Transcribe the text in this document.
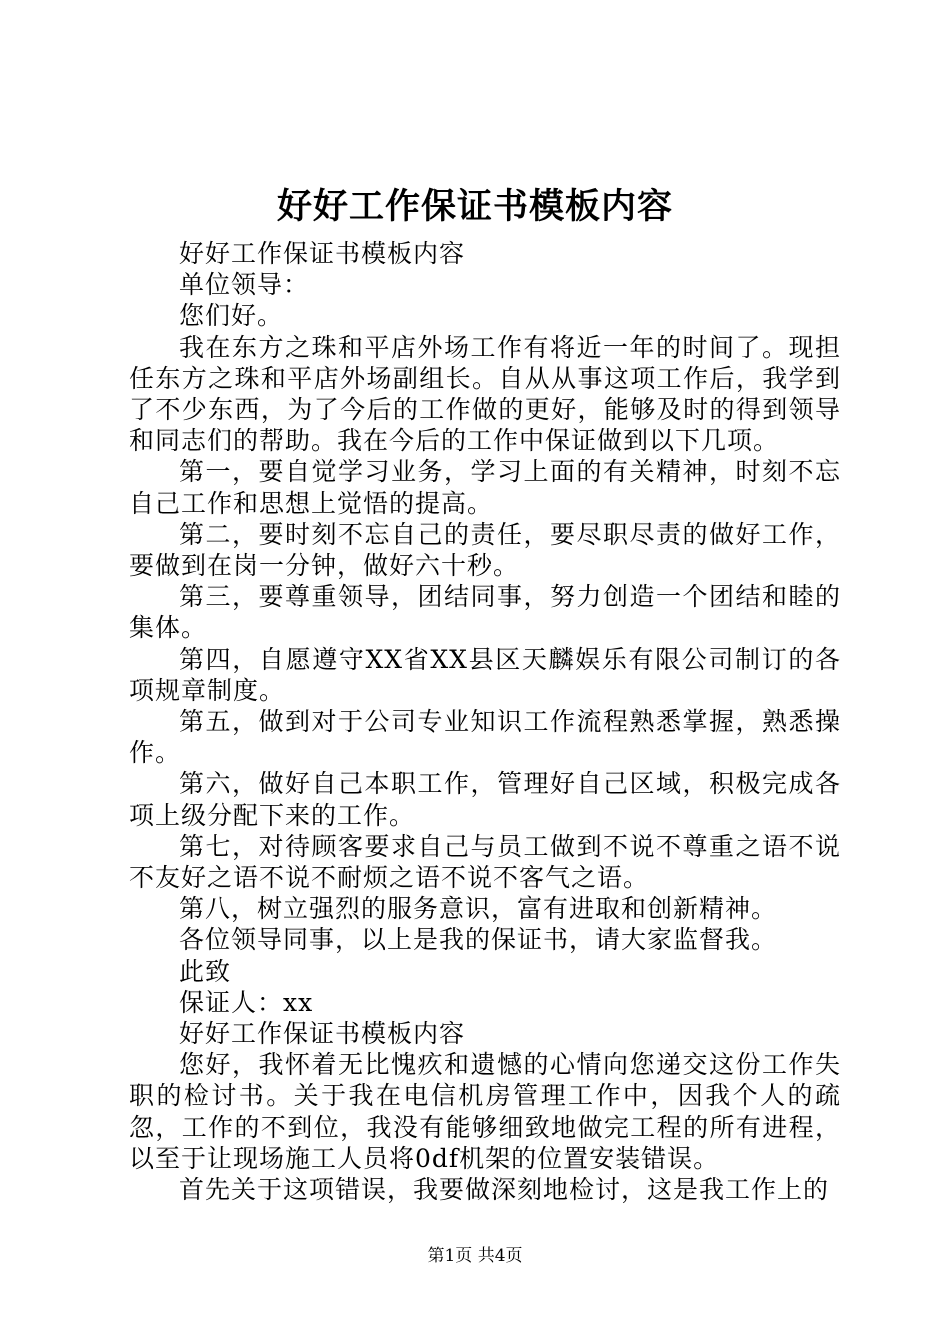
好好工作保证书模板内容

好好工作保证书模板内容

单位领导：

您们好。

我在东方之珠和平店外场工作有将近一年的时间了。现担任东方之珠和平店外场副组长。自从从事这项工作后，我学到了不少东西，为了今后的工作做的更好，能够及时的得到领导和同志们的帮助。我在今后的工作中保证做到以下几项。

第一，要自觉学习业务，学习上面的有关精神，时刻不忘自己工作和思想上觉悟的提高。

第二，要时刻不忘自己的责任，要尽职尽责的做好工作，要做到在岗一分钟，做好六十秒。

第三，要尊重领导，团结同事，努力创造一个团结和睦的集体。

第四，自愿遵守XX省XX县区天麟娱乐有限公司制订的各项规章制度。

第五，做到对于公司专业知识工作流程熟悉掌握，熟悉操作。

第六，做好自己本职工作，管理好自己区域，积极完成各项上级分配下来的工作。

第七，对待顾客要求自己与员工做到不说不尊重之语不说不友好之语不说不耐烦之语不说不客气之语。

第八，树立强烈的服务意识，富有进取和创新精神。

各位领导同事，以上是我的保证书，请大家监督我。

此致

保证人：xx

好好工作保证书模板内容

您好，我怀着无比愧疚和遗憾的心情向您递交这份工作失职的检讨书。关于我在电信机房管理工作中，因我个人的疏忽，工作的不到位，我没有能够细致地做完工程的所有进程，以至于让现场施工人员将0df机架的位置安装错误。

首先关于这项错误，我要做深刻地检讨，这是我工作上的

第1页 共4页
